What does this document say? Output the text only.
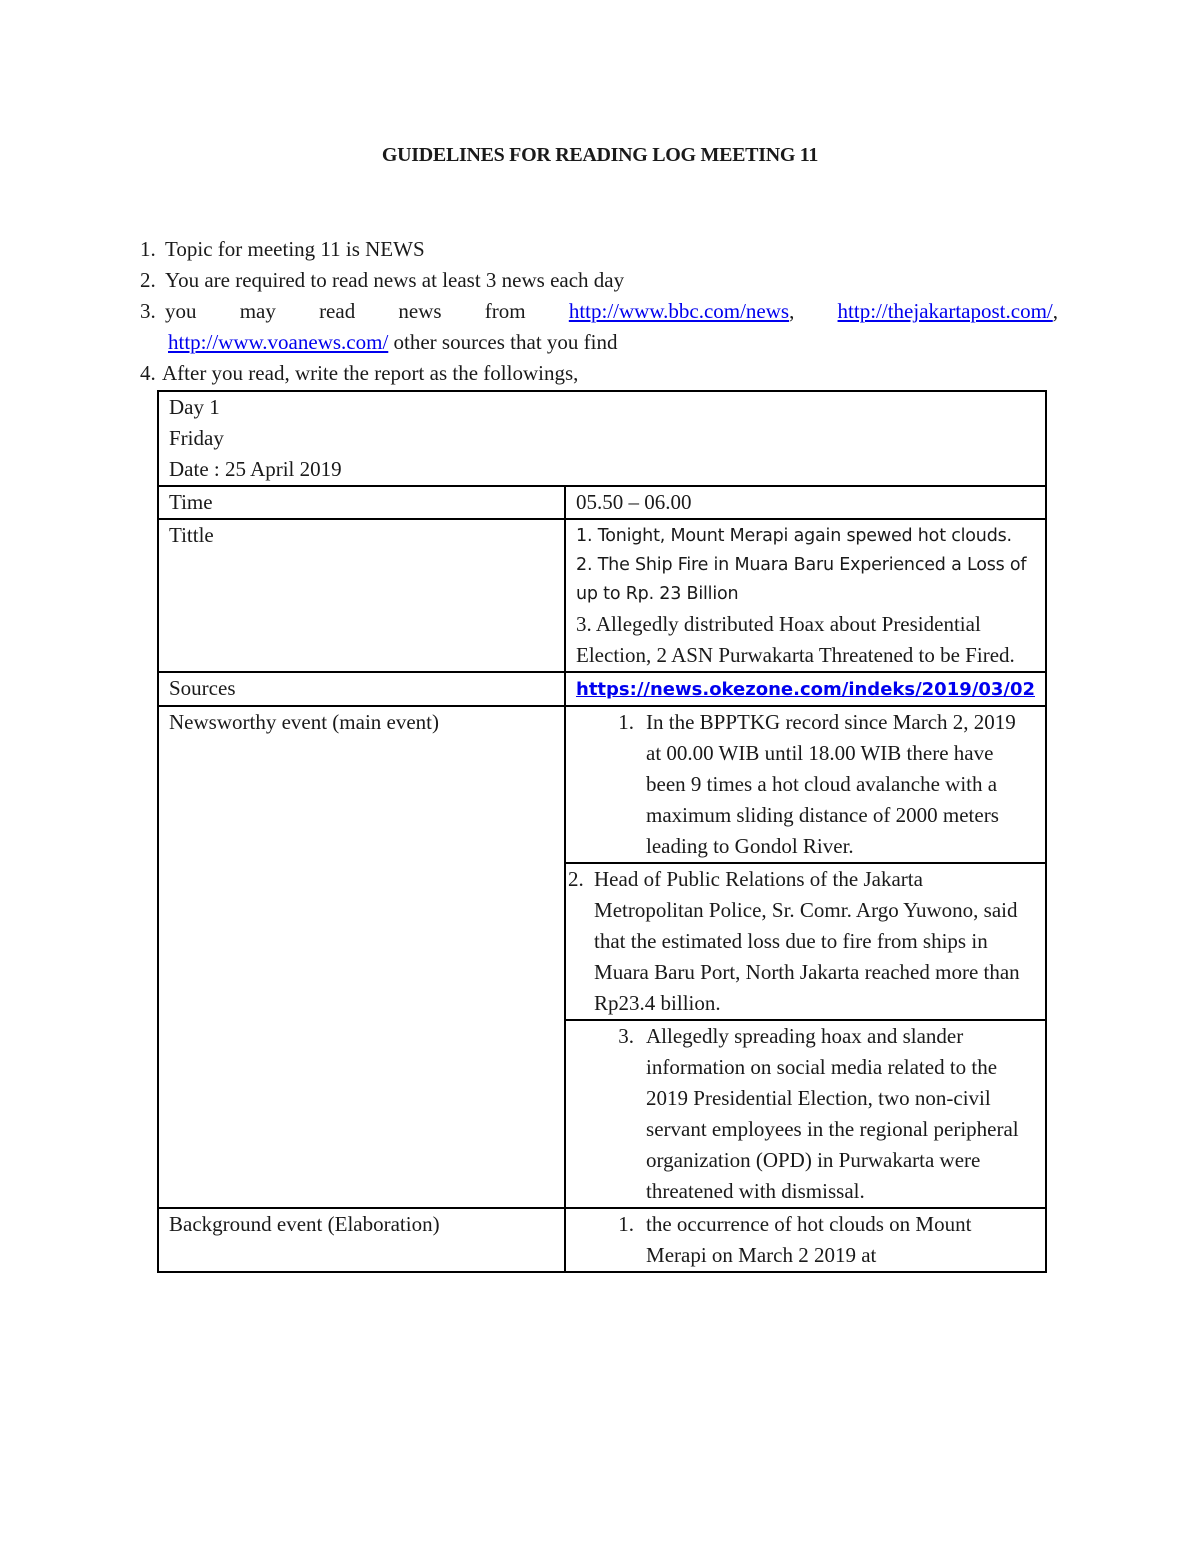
GUIDELINES FOR READING LOG MEETING 11
1. Topic for meeting 11 is NEWS
2. You are required to read news at least 3 news each day
3. you may read news from http://www.bbc.com/news, http://thejakartapost.com/,
http://www.voanews.com/ other sources that you find
4. After you read, write the report as the followings,
Day 1
Friday
Date : 25 April 2019	

Time	05.50 – 06.00
Tittle	1. Tonight, Mount Merapi again spewed hot clouds.
2. The Ship Fire in Muara Baru Experienced a Loss of up to Rp. 23 Billion
3. Allegedly distributed Hoax about Presidential Election, 2 ASN Purwakarta Threatened to be Fired.

Sources	https://news.okezone.com/indeks/2019/03/02
Newsworthy event (main event)	1. In the BPPTKG record since March 2, 2019 at 00.00 WIB until 18.00 WIB there have been 9 times a hot cloud avalanche with a maximum sliding distance of 2000 meters leading to Gondol River.

	2. Head of Public Relations of the Jakarta Metropolitan Police, Sr. Comr. Argo Yuwono, said that the estimated loss due to fire from ships in Muara Baru Port, North Jakarta reached more than Rp23.4 billion.

	3. Allegedly spreading hoax and slander information on social media related to the 2019 Presidential Election, two non-civil servant employees in the regional peripheral organization (OPD) in Purwakarta were threatened with dismissal.

Background event (Elaboration)	1. the occurrence of hot clouds on Mount Merapi on March 2 2019 at
